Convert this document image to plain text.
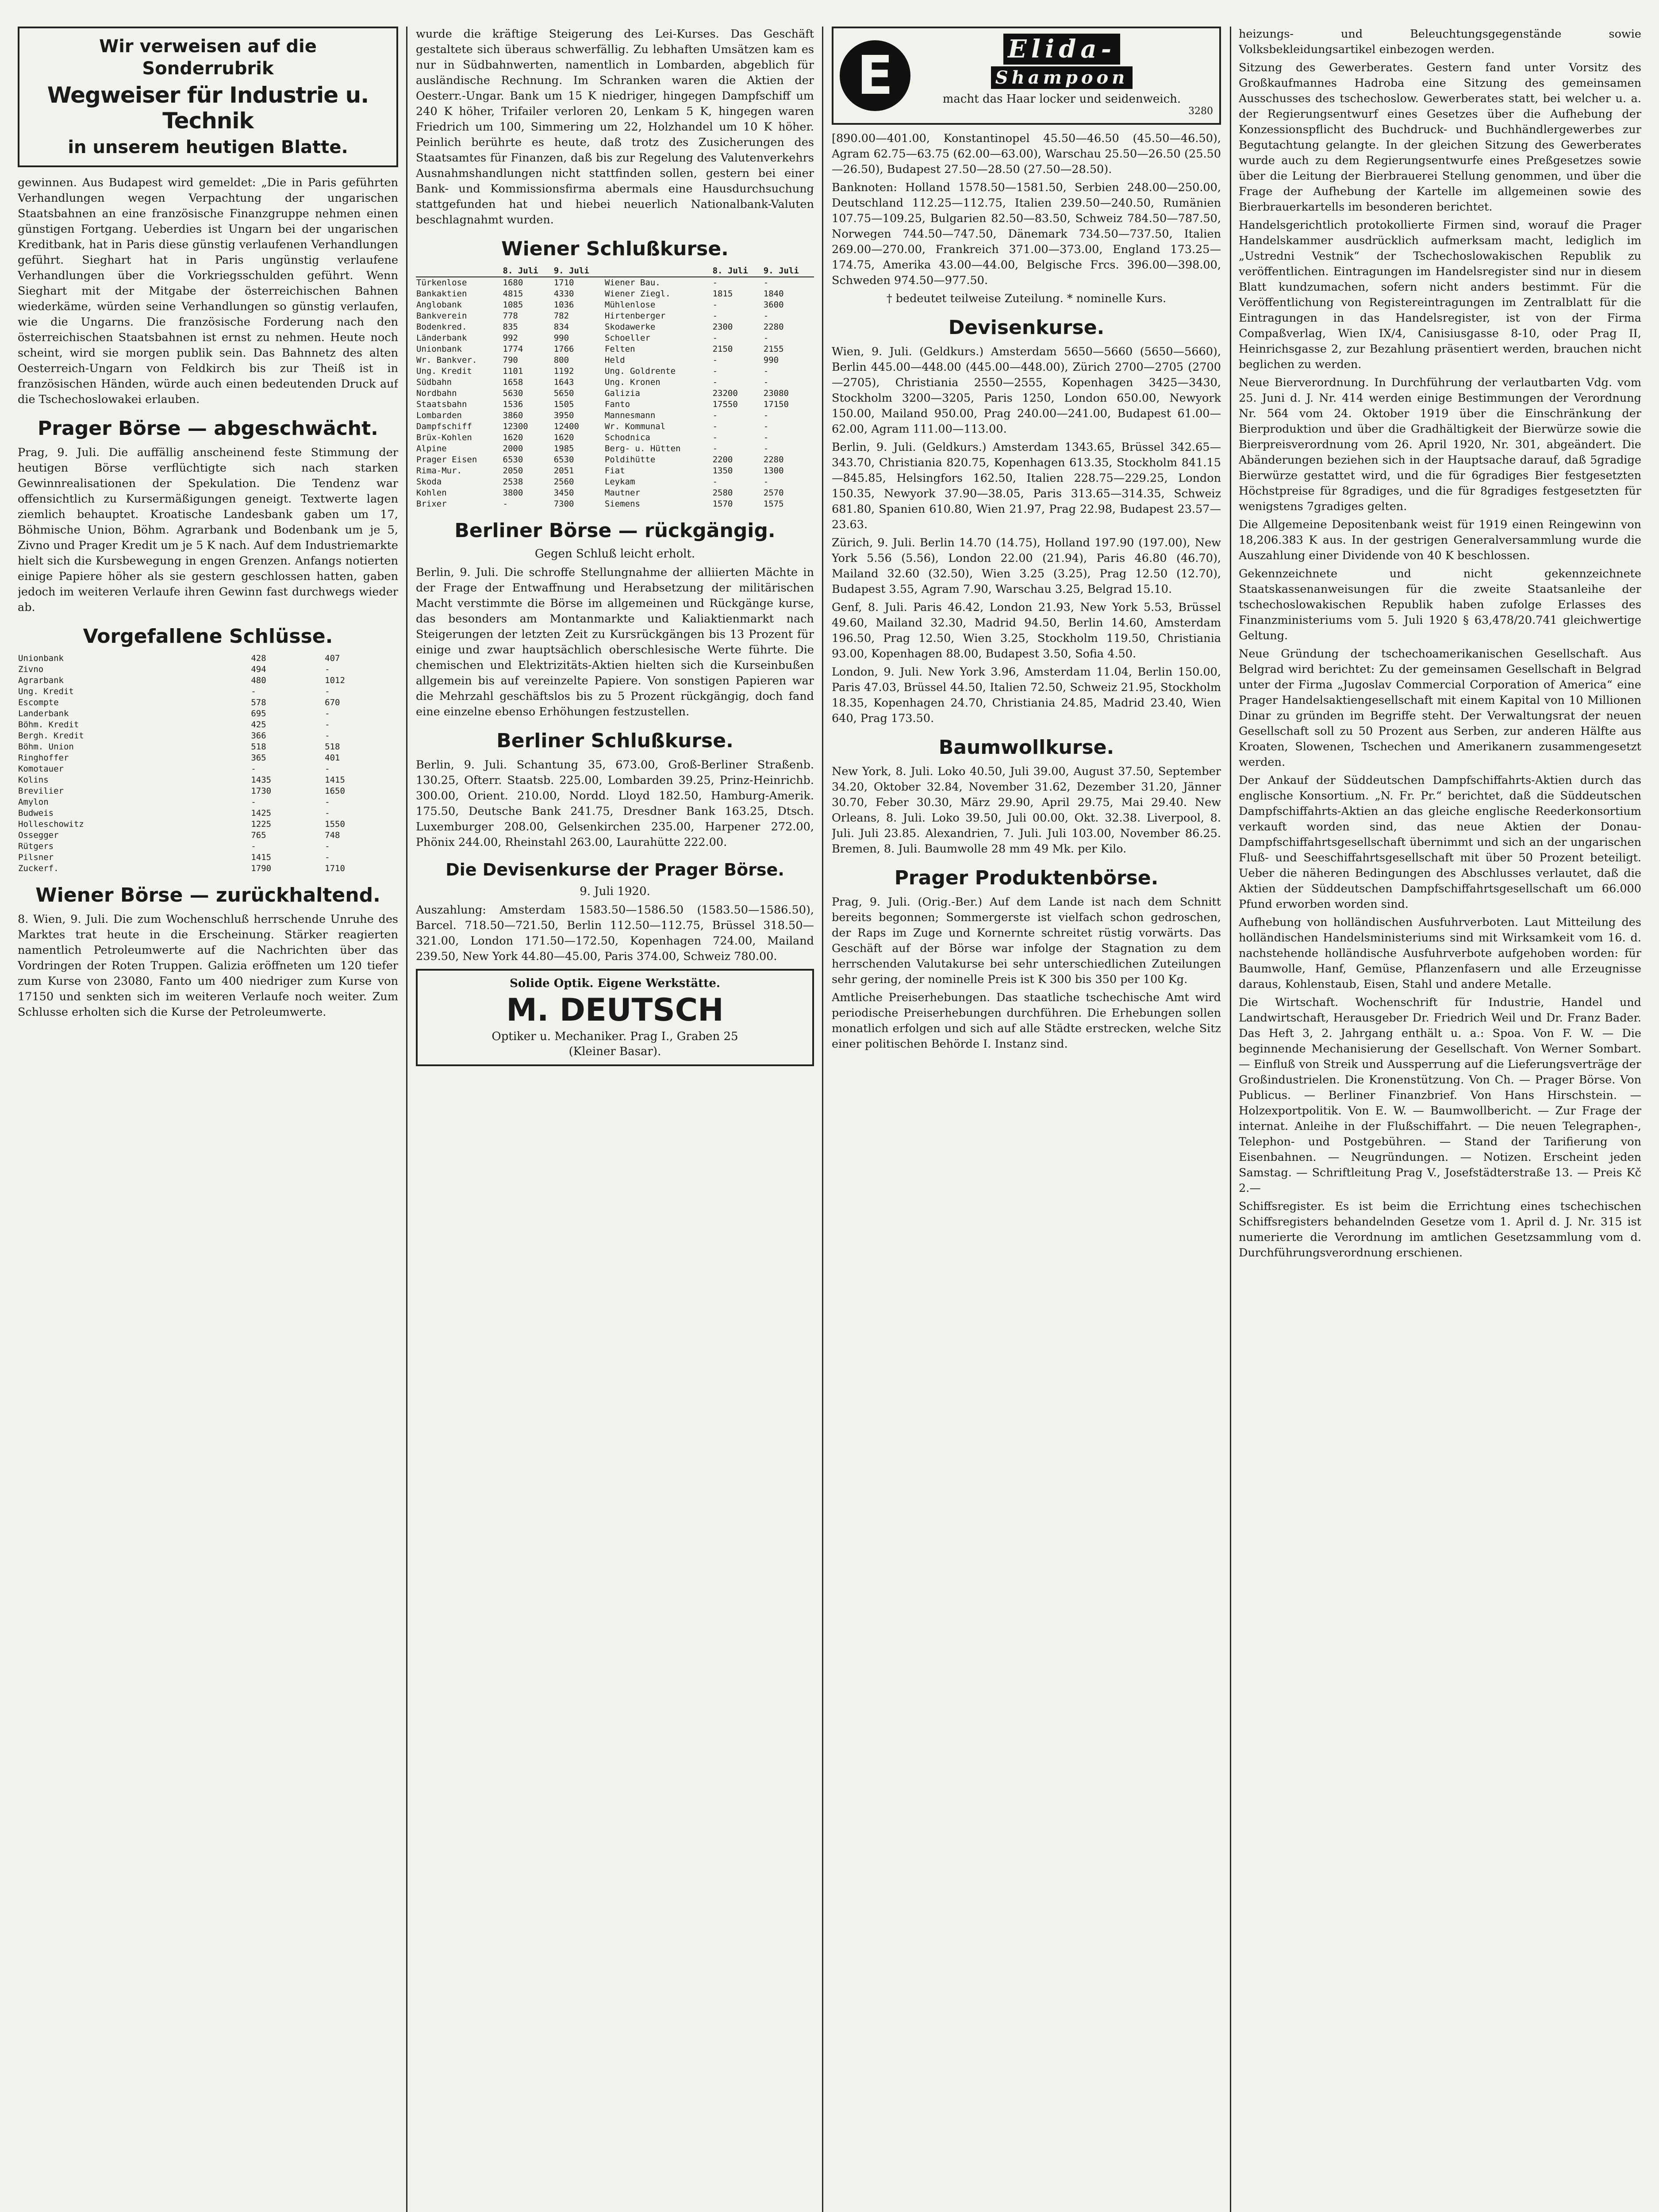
Wir verweisen auf die
Sonderrubrik
Wegweiser für Industrie u. Technik
in unserem heutigen Blatte.

gewinnen. Aus Budapest wird gemeldet: „Die in Paris geführten Verhandlungen wegen Verpachtung der ungarischen Staatsbahnen an eine französische Finanzgruppe nehmen einen günstigen Fortgang. Ueberdies ist Ungarn bei der ungarischen Kreditbank, hat in Paris diese günstig verlaufenen Verhandlungen geführt. Sieghart hat in Paris ungünstig verlaufene Verhandlungen über die Vorkriegsschulden geführt. Wenn Sieghart mit der Mitgabe der österreichischen Bahnen wiederkäme, würden seine Verhandlungen so günstig verlaufen, wie die Ungarns. Die französische Forderung nach den österreichischen Staatsbahnen ist ernst zu nehmen. Heute noch scheint, wird sie morgen publik sein. Das Bahnnetz des alten Oesterreich-Ungarn von Feldkirch bis zur Theiß ist in französischen Händen, würde auch einen bedeutenden Druck auf die Tschechoslowakei erlauben.

Prager Börse — abgeschwächt.

Prag, 9. Juli. Die auffällig anscheinend feste Stimmung der heutigen Börse verflüchtigte sich nach starken Gewinnrealisationen der Spekulation. Die Tendenz war offensichtlich zu Kursermäßigungen geneigt. Textwerte lagen ziemlich behauptet. Kroatische Landesbank gaben um 17, Böhmische Union, Böhm. Agrarbank und Bodenbank um je 5, Zivno und Prager Kredit um je 5 K nach. Auf dem Industriemarkte hielt sich die Kursbewegung in engen Grenzen. Anfangs notierten einige Papiere höher als sie gestern geschlossen hatten, gaben jedoch im weiteren Verlaufe ihren Gewinn fast durchwegs wieder ab.

Vorgefallene Schlüsse.
Unionbank	428	407
Zivno	494	-
Agrarbank	480	1012
Ung. Kredit	-	-
Escompte	578	670
Landerbank	695	-
Böhm. Kredit	425	-
Bergh. Kredit	366	-
Böhm. Union	518	518
Ringhoffer	365	401
Komotauer	-	-
Kolins	1435	1415
Brevilier	1730	1650
Amylon	-	-
Budweis	1425	-
Holleschowitz	1225	1550
Ossegger	765	748
Rütgers	-	-
Pilsner	1415	-
Zuckerf.	1790	1710
Wiener Börse — zurückhaltend.

8. Wien, 9. Juli. Die zum Wochenschluß herrschende Unruhe des Marktes trat heute in die Erscheinung. Stärker reagierten namentlich Petroleumwerte auf die Nachrichten über das Vordringen der Roten Truppen. Galizia eröffneten um 120 tiefer zum Kurse von 23080, Fanto um 400 niedriger zum Kurse von 17150 und senkten sich im weiteren Verlaufe noch weiter. Zum Schlusse erholten sich die Kurse der Petroleumwerte.

wurde die kräftige Steigerung des Lei-Kurses. Das Geschäft gestaltete sich überaus schwerfällig. Zu lebhaften Umsätzen kam es nur in Südbahnwerten, namentlich in Lombarden, abgeblich für ausländische Rechnung. Im Schranken waren die Aktien der Oesterr.-Ungar. Bank um 15 K niedriger, hingegen Dampfschiff um 240 K höher, Trifailer verloren 20, Lenkam 5 K, hingegen waren Friedrich um 100, Simmering um 22, Holzhandel um 10 K höher. Peinlich berührte es heute, daß trotz des Zusicherungen des Staatsamtes für Finanzen, daß bis zur Regelung des Valutenverkehrs Ausnahmshandlungen nicht stattfinden sollen, gestern bei einer Bank- und Kommissionsfirma abermals eine Hausdurchsuchung stattgefunden hat und hiebei neuerlich Nationalbank-Valuten beschlagnahmt wurden.

Wiener Schlußkurse.
	8. Juli	9. Juli		8. Juli	9. Juli
Türkenlose	1680	1710	Wiener Bau.	-	-
Bankaktien	4815	4330	Wiener Ziegl.	1815	1840
Anglobank	1085	1036	Mühlenlose	-	3600
Bankverein	778	782	Hirtenberger	-	-
Bodenkred.	835	834	Skodawerke	2300	2280
Länderbank	992	990	Schoeller	-	-
Unionbank	1774	1766	Felten	2150	2155
Wr. Bankver.	790	800	Held	-	990
Ung. Kredit	1101	1192	Ung. Goldrente	-	-
Südbahn	1658	1643	Ung. Kronen	-	-
Nordbahn	5630	5650	Galizia	23200	23080
Staatsbahn	1536	1505	Fanto	17550	17150
Lombarden	3860	3950	Mannesmann	-	-
Dampfschiff	12300	12400	Wr. Kommunal	-	-
Brüx-Kohlen	1620	1620	Schodnica	-	-
Alpine	2000	1985	Berg- u. Hütten	-	-
Prager Eisen	6530	6530	Poldihütte	2200	2280
Rima-Mur.	2050	2051	Fiat	1350	1300
Skoda	2538	2560	Leykam	-	-
Kohlen	3800	3450	Mautner	2580	2570
Brixer	-	7300	Siemens	1570	1575
Berliner Börse — rückgängig.
Gegen Schluß leicht erholt.

Berlin, 9. Juli. Die schroffe Stellungnahme der alliierten Mächte in der Frage der Entwaffnung und Herabsetzung der militärischen Macht verstimmte die Börse im allgemeinen und Rückgänge kurse, das besonders am Montanmarkte und Kaliaktienmarkt nach Steigerungen der letzten Zeit zu Kursrückgängen bis 13 Prozent für einige und zwar hauptsächlich oberschlesische Werte führte. Die chemischen und Elektrizitäts-Aktien hielten sich die Kurseinbußen allgemein bis auf vereinzelte Papiere. Von sonstigen Papieren war die Mehrzahl geschäftslos bis zu 5 Prozent rückgängig, doch fand eine einzelne ebenso Erhöhungen festzustellen.

Berliner Schlußkurse.

Berlin, 9. Juli. Schantung 35, 673.00, Groß-Berliner Straßenb. 130.25, Ofterr. Staatsb. 225.00, Lombarden 39.25, Prinz-Heinrichb. 300.00, Orient. 210.00, Nordd. Lloyd 182.50, Hamburg-Amerik. 175.50, Deutsche Bank 241.75, Dresdner Bank 163.25, Dtsch. Luxemburger 208.00, Gelsenkirchen 235.00, Harpener 272.00, Phönix 244.00, Rheinstahl 263.00, Laurahütte 222.00.

Die Devisenkurse der Prager Börse.
9. Juli 1920.

Auszahlung: Amsterdam 1583.50—1586.50 (1583.50—1586.50), Barcel. 718.50—721.50, Berlin 112.50—112.75, Brüssel 318.50—321.00, London 171.50—172.50, Kopenhagen 724.00, Mailand 239.50, New York 44.80—45.00, Paris 374.00, Schweiz 780.00.

Solide Optik. Eigene Werkstätte.
M. DEUTSCH
Optiker u. Mechaniker. Prag I., Graben 25
(Kleiner Basar).
E	Elida-
Shampoon
macht das Haar locker und seidenweich.
3280

[890.00—401.00, Konstantinopel 45.50—46.50 (45.50—46.50), Agram 62.75—63.75 (62.00—63.00), Warschau 25.50—26.50 (25.50—26.50), Budapest 27.50—28.50 (27.50—28.50).

Banknoten: Holland 1578.50—1581.50, Serbien 248.00—250.00, Deutschland 112.25—112.75, Italien 239.50—240.50, Rumänien 107.75—109.25, Bulgarien 82.50—83.50, Schweiz 784.50—787.50, Norwegen 744.50—747.50, Dänemark 734.50—737.50, Italien 269.00—270.00, Frankreich 371.00—373.00, England 173.25—174.75, Amerika 43.00—44.00, Belgische Frcs. 396.00—398.00, Schweden 974.50—977.50.

† bedeutet teilweise Zuteilung. * nominelle Kurs.

Devisenkurse.

Wien, 9. Juli. (Geldkurs.) Amsterdam 5650—5660 (5650—5660), Berlin 445.00—448.00 (445.00—448.00), Zürich 2700—2705 (2700—2705), Christiania 2550—2555, Kopenhagen 3425—3430, Stockholm 3200—3205, Paris 1250, London 650.00, Newyork 150.00, Mailand 950.00, Prag 240.00—241.00, Budapest 61.00—62.00, Agram 111.00—113.00.

Berlin, 9. Juli. (Geldkurs.) Amsterdam 1343.65, Brüssel 342.65—343.70, Christiania 820.75, Kopenhagen 613.35, Stockholm 841.15—845.85, Helsingfors 162.50, Italien 228.75—229.25, London 150.35, Newyork 37.90—38.05, Paris 313.65—314.35, Schweiz 681.80, Spanien 610.80, Wien 21.97, Prag 22.98, Budapest 23.57—23.63.

Zürich, 9. Juli. Berlin 14.70 (14.75), Holland 197.90 (197.00), New York 5.56 (5.56), London 22.00 (21.94), Paris 46.80 (46.70), Mailand 32.60 (32.50), Wien 3.25 (3.25), Prag 12.50 (12.70), Budapest 3.55, Agram 7.90, Warschau 3.25, Belgrad 15.10.

Genf, 8. Juli. Paris 46.42, London 21.93, New York 5.53, Brüssel 49.60, Mailand 32.30, Madrid 94.50, Berlin 14.60, Amsterdam 196.50, Prag 12.50, Wien 3.25, Stockholm 119.50, Christiania 93.00, Kopenhagen 88.00, Budapest 3.50, Sofia 4.50.

London, 9. Juli. New York 3.96, Amsterdam 11.04, Berlin 150.00, Paris 47.03, Brüssel 44.50, Italien 72.50, Schweiz 21.95, Stockholm 18.35, Kopenhagen 24.70, Christiania 24.85, Madrid 23.40, Wien 640, Prag 173.50.

Baumwollkurse.

New York, 8. Juli. Loko 40.50, Juli 39.00, August 37.50, September 34.20, Oktober 32.84, November 31.62, Dezember 31.20, Jänner 30.70, Feber 30.30, März 29.90, April 29.75, Mai 29.40. New Orleans, 8. Juli. Loko 39.50, Juli 00.00, Okt. 32.38. Liverpool, 8. Juli. Juli 23.85. Alexandrien, 7. Juli. Juli 103.00, November 86.25. Bremen, 8. Juli. Baumwolle 28 mm 49 Mk. per Kilo.

Prager Produktenbörse.

Prag, 9. Juli. (Orig.-Ber.) Auf dem Lande ist nach dem Schnitt bereits begonnen; Sommergerste ist vielfach schon gedroschen, der Raps im Zuge und Kornernte schreitet rüstig vorwärts. Das Geschäft auf der Börse war infolge der Stagnation zu dem herrschenden Valutakurse bei sehr unterschiedlichen Zuteilungen sehr gering, der nominelle Preis ist K 300 bis 350 per 100 Kg.

Amtliche Preiserhebungen. Das staatliche tschechische Amt wird periodische Preiserhebungen durchführen. Die Erhebungen sollen monatlich erfolgen und sich auf alle Städte erstrecken, welche Sitz einer politischen Behörde I. Instanz sind.

heizungs- und Beleuchtungsgegenstände sowie Volksbekleidungsartikel einbezogen werden.

Sitzung des Gewerberates. Gestern fand unter Vorsitz des Großkaufmannes Hadroba eine Sitzung des gemeinsamen Ausschusses des tschechoslow. Gewerberates statt, bei welcher u. a. der Regierungsentwurf eines Gesetzes über die Aufhebung der Konzessionspflicht des Buchdruck- und Buchhändlergewerbes zur Begutachtung gelangte. In der gleichen Sitzung des Gewerberates wurde auch zu dem Regierungsentwurfe eines Preßgesetzes sowie über die Leitung der Bierbrauerei Stellung genommen, und über die Frage der Aufhebung der Kartelle im allgemeinen sowie des Bierbrauerkartells im besonderen berichtet.

Handelsgerichtlich protokollierte Firmen sind, worauf die Prager Handelskammer ausdrücklich aufmerksam macht, lediglich im „Ustredni Vestnik“ der Tschechoslowakischen Republik zu veröffentlichen. Eintragungen im Handelsregister sind nur in diesem Blatt kundzumachen, sofern nicht anders bestimmt. Für die Veröffentlichung von Registereintragungen im Zentralblatt für die Eintragungen in das Handelsregister, ist von der Firma Compaßverlag, Wien IX/4, Canisiusgasse 8-10, oder Prag II, Heinrichsgasse 2, zur Bezahlung präsentiert werden, brauchen nicht beglichen zu werden.

Neue Bierverordnung. In Durchführung der verlautbarten Vdg. vom 25. Juni d. J. Nr. 414 werden einige Bestimmungen der Verordnung Nr. 564 vom 24. Oktober 1919 über die Einschränkung der Bierproduktion und über die Gradhältigkeit der Bierwürze sowie die Bierpreisverordnung vom 26. April 1920, Nr. 301, abgeändert. Die Abänderungen beziehen sich in der Hauptsache darauf, daß 5gradige Bierwürze gestattet wird, und die für 6gradiges Bier festgesetzten Höchstpreise für 8gradiges, und die für 8gradiges festgesetzten für wenigstens 7gradiges gelten.

Die Allgemeine Depositenbank weist für 1919 einen Reingewinn von 18,206.383 K aus. In der gestrigen Generalversammlung wurde die Auszahlung einer Dividende von 40 K beschlossen.

Gekennzeichnete und nicht gekennzeichnete Staatskassenanweisungen für die zweite Staatsanleihe der tschechoslowakischen Republik haben zufolge Erlasses des Finanzministeriums vom 5. Juli 1920 § 63,478/20.741 gleichwertige Geltung.

Neue Gründung der tschechoamerikanischen Gesellschaft. Aus Belgrad wird berichtet: Zu der gemeinsamen Gesellschaft in Belgrad unter der Firma „Jugoslav Commercial Corporation of America“ eine Prager Handelsaktiengesellschaft mit einem Kapital von 10 Millionen Dinar zu gründen im Begriffe steht. Der Verwaltungsrat der neuen Gesellschaft soll zu 50 Prozent aus Serben, zur anderen Hälfte aus Kroaten, Slowenen, Tschechen und Amerikanern zusammengesetzt werden.

Der Ankauf der Süddeutschen Dampfschiffahrts-Aktien durch das englische Konsortium. „N. Fr. Pr.“ berichtet, daß die Süddeutschen Dampfschiffahrts-Aktien an das gleiche englische Reederkonsortium verkauft worden sind, das neue Aktien der Donau-Dampfschiffahrtsgesellschaft übernimmt und sich an der ungarischen Fluß- und Seeschiffahrtsgesellschaft mit über 50 Prozent beteiligt. Ueber die näheren Bedingungen des Abschlusses verlautet, daß die Aktien der Süddeutschen Dampfschiffahrtsgesellschaft um 66.000 Pfund erworben worden sind.

Aufhebung von holländischen Ausfuhrverboten. Laut Mitteilung des holländischen Handelsministeriums sind mit Wirksamkeit vom 16. d. nachstehende holländische Ausfuhrverbote aufgehoben worden: für Baumwolle, Hanf, Gemüse, Pflanzenfasern und alle Erzeugnisse daraus, Kohlenstaub, Eisen, Stahl und andere Metalle.

Die Wirtschaft. Wochenschrift für Industrie, Handel und Landwirtschaft, Herausgeber Dr. Friedrich Weil und Dr. Franz Bader. Das Heft 3, 2. Jahrgang enthält u. a.: Spoa. Von F. W. — Die beginnende Mechanisierung der Gesellschaft. Von Werner Sombart. — Einfluß von Streik und Aussperrung auf die Lieferungsverträge der Großindustrielen. Die Kronenstützung. Von Ch. — Prager Börse. Von Publicus. — Berliner Finanzbrief. Von Hans Hirschstein. — Holzexportpolitik. Von E. W. — Baumwollbericht. — Zur Frage der internat. Anleihe in der Flußschiffahrt. — Die neuen Telegraphen-, Telephon- und Postgebühren. — Stand der Tarifierung von Eisenbahnen. — Neugründungen. — Notizen. Erscheint jeden Samstag. — Schriftleitung Prag V., Josefstädterstraße 13. — Preis Kč 2.—

Schiffsregister. Es ist beim die Errichtung eines tschechischen Schiffsregisters behandelnden Gesetze vom 1. April d. J. Nr. 315 ist numerierte die Verordnung im amtlichen Gesetzsammlung vom d. Durchführungsverordnung erschienen.
